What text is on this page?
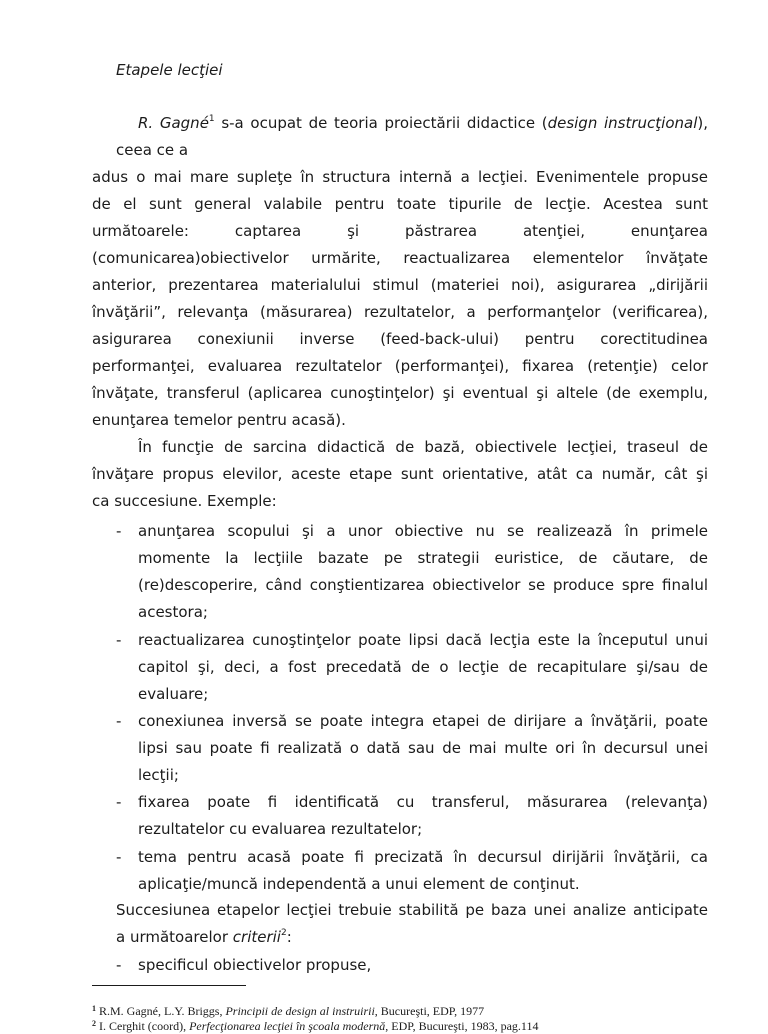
Etapele lecţiei

R. Gagné$^1$ s-a ocupat de teoria proiectării didactice (design instrucţional),

ceea ce a

adus o mai mare supleţe în structura internă a lecţiei. Evenimentele propuse

de el sunt general valabile pentru toate tipurile de lecţie. Acestea sunt

următoarele: captarea şi păstrarea atenţiei, enunţarea

(comunicarea)obiectivelor urmărite, reactualizarea elementelor învăţate

anterior, prezentarea materialului stimul (materiei noi), asigurarea „dirijării

învăţării”, relevanţa (măsurarea) rezultatelor, a performanţelor (verificarea),

asigurarea conexiunii inverse (feed-back-ului) pentru corectitudinea

performanţei, evaluarea rezultatelor (performanţei), fixarea (retenţie) celor

învăţate, transferul (aplicarea cunoştinţelor) şi eventual şi altele (de exemplu,

enunţarea temelor pentru acasă).

În funcţie de sarcina didactică de bază, obiectivele lecţiei, traseul de

învăţare propus elevilor, aceste etape sunt orientative, atât ca număr, cât şi

ca succesiune. Exemple:

- anunţarea scopului şi a unor obiective nu se realizează în primele

momente la lecţiile bazate pe strategii euristice, de căutare, de

(re)descoperire, când conştientizarea obiectivelor se produce spre finalul

acestora;

- reactualizarea cunoştinţelor poate lipsi dacă lecţia este la începutul unui

capitol şi, deci, a fost precedată de o lecţie de recapitulare şi/sau de

evaluare;

- conexiunea inversă se poate integra etapei de dirijare a învăţării, poate

lipsi sau poate fi realizată o dată sau de mai multe ori în decursul unei

lecţii;

- fixarea poate fi identificată cu transferul, măsurarea (relevanţa)

rezultatelor cu evaluarea rezultatelor;

- tema pentru acasă poate fi precizată în decursul dirijării învăţării, ca

aplicaţie/muncă independentă a unui element de conţinut.

Succesiunea etapelor lecţiei trebuie stabilită pe baza unei analize anticipate

a următoarelor criterii$^2$:

- specificul obiectivelor propuse,

$^1$ R.M. Gagné, L.Y. Briggs, Principii de design al instruirii, Bucureşti, EDP, 1977

$^2$ I. Cerghit (coord), Perfecţionarea lecţiei în şcoala modernă, EDP, Bucureşti, 1983, pag.114
